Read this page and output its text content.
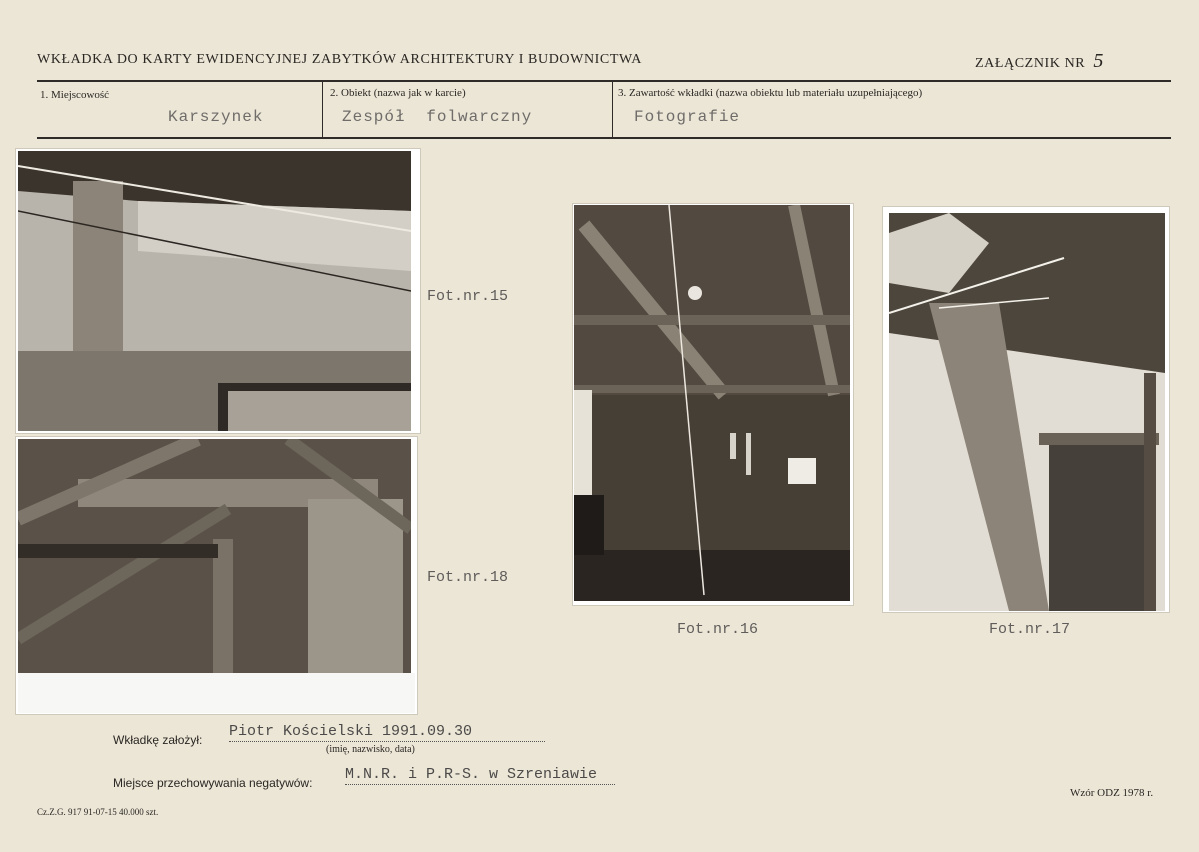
WKŁADKA DO KARTY EWIDENCYJNEJ ZABYTKÓW ARCHITEKTURY I BUDOWNICTWA	ZAŁĄCZNIK NR 5
1. Miejscowość
Karszynek
2. Obiekt (nazwa jak w karcie)
Zespół folwarczny
3. Zawartość wkładki (nazwa obiektu lub materiału uzupełniającego)
Fotografie
Fot.nr.15
Fot.nr.18
Fot.nr.16	Fot.nr.17
Wkładkę założył: Piotr Kościelski 1991.09.30
(imię, nazwisko, data)
Miejsce przechowywania negatywów: M.N.R. i P.R-S. w Szreniawie
Cz.Z.G. 917 91-07-15 40.000 szt.
Wzór ODZ 1978 r.
